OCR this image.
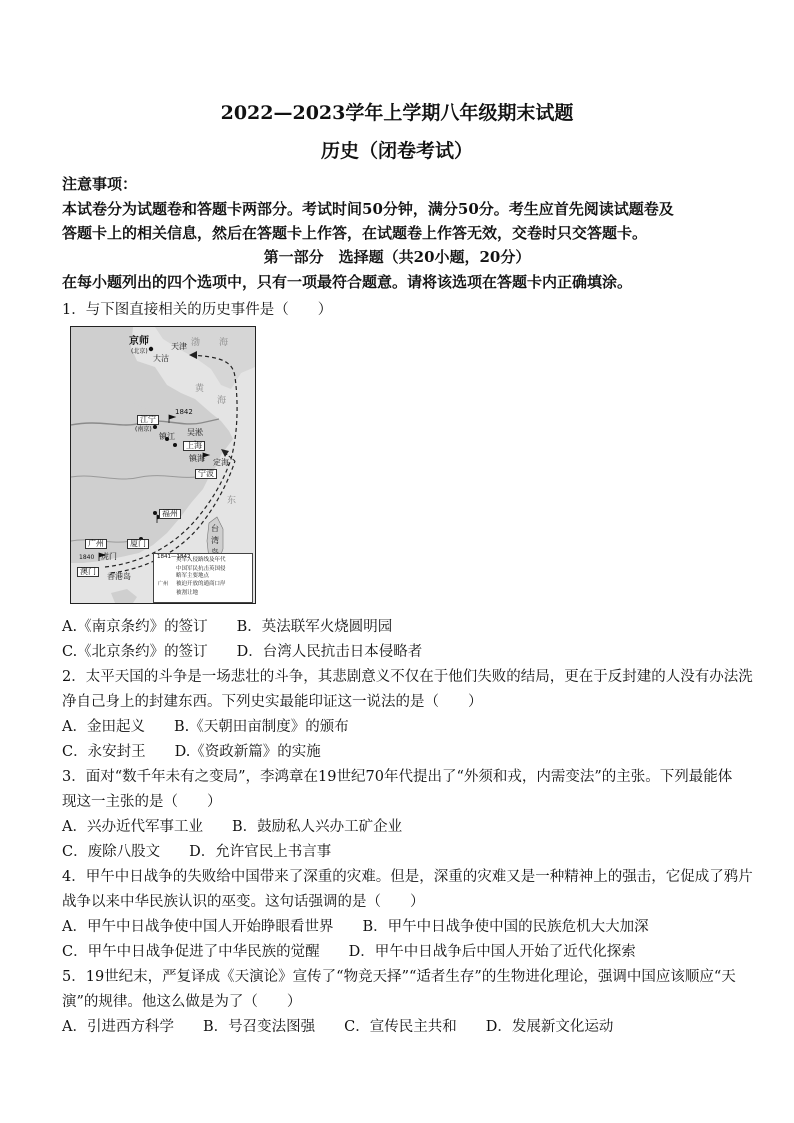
2022—2023学年上学期八年级期末试题
历史（闭卷考试）
注意事项：
本试卷分为试题卷和答题卡两部分。考试时间50分钟，满分50分。考生应首先阅读试题卷及
答题卡上的相关信息，然后在答题卡上作答，在试题卷上作答无效，交卷时只交答题卡。
第一部分　选择题（共20小题，20分）
在每小题列出的四个选项中，只有一项最符合题意。请将该选项在答题卡内正确填涂。
1．与下图直接相关的历史事件是（　　）
京师
(北京)
天津
大沽
渤 海
黄
海
江宁
(南京)
1842
镇江 吴淞
上海
镇海 定海
宁波
东
福州
厦门
台
湾
广州
虎门
澳门
香港岛
1840	1841—1842
英军入侵路线及年代
中国军民抗击英国侵
略军主要地点
被迫开放的通商口岸
广州
被割让地
A.《南京条约》的签订　　B．英法联军火烧圆明园
C.《北京条约》的签订　　D．台湾人民抗击日本侵略者
2．太平天国的斗争是一场悲壮的斗争，其悲剧意义不仅在于他们失败的结局，更在于反封建的人没有办法洗
净自己身上的封建东西。下列史实最能印证这一说法的是（　　）
A．金田起义　　B.《天朝田亩制度》的颁布
C．永安封王　　D.《资政新篇》的实施
3．面对“数千年未有之变局”，李鸿章在19世纪70年代提出了“外须和戎，内需变法”的主张。下列最能体
现这一主张的是（　　）
A．兴办近代军事工业　　B．鼓励私人兴办工矿企业
C．废除八股文　　D．允许官民上书言事
4．甲午中日战争的失败给中国带来了深重的灾难。但是，深重的灾难又是一种精神上的强击，它促成了鸦片
战争以来中华民族认识的巫变。这句话强调的是（　　）
A．甲午中日战争使中国人开始睁眼看世界　　B．甲午中日战争使中国的民族危机大大加深
C．甲午中日战争促进了中华民族的觉醒　　D．甲午中日战争后中国人开始了近代化探索
5．19世纪末，严复译成《天演论》宣传了“物竞天择”“适者生存”的生物进化理论，强调中国应该顺应“天
演”的规律。他这么做是为了（　　）
A．引进西方科学　　B．号召变法图强　　C．宣传民主共和　　D．发展新文化运动
